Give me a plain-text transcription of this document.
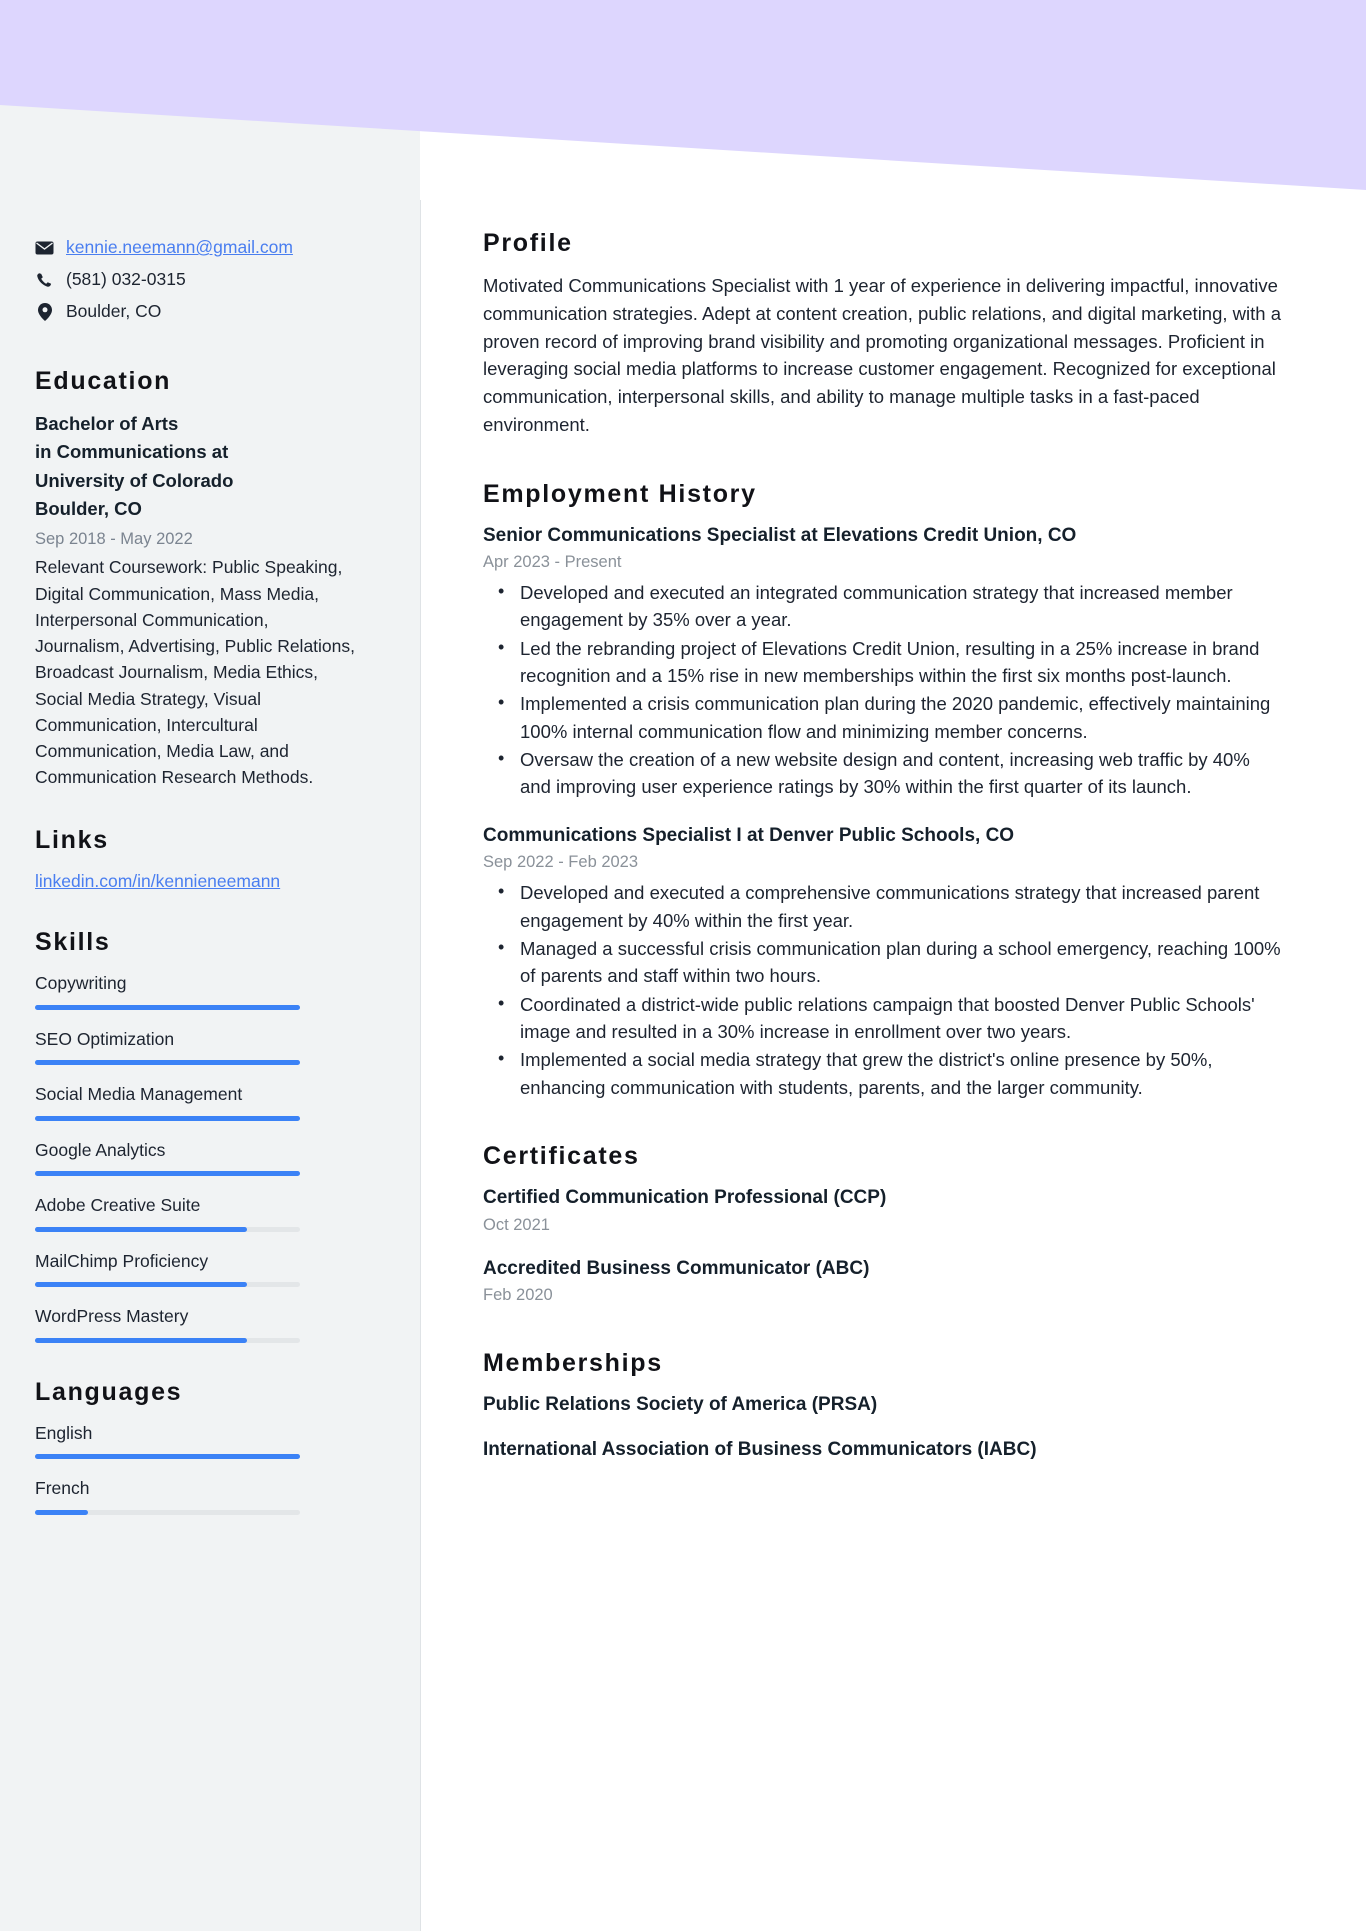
kennie.neemann@gmail.com
(581) 032-0315
Boulder, CO
Education
Bachelor of Arts
in Communications at
University of Colorado
Boulder, CO
Sep 2018 - May 2022
Relevant Coursework: Public Speaking, Digital Communication, Mass Media, Interpersonal Communication, Journalism, Advertising, Public Relations, Broadcast Journalism, Media Ethics, Social Media Strategy, Visual Communication, Intercultural Communication, Media Law, and Communication Research Methods.
Links
linkedin.com/in/kennieneemann
Skills
Copywriting
SEO Optimization
Social Media Management
Google Analytics
Adobe Creative Suite
MailChimp Proficiency
WordPress Mastery
Languages
English
French
Profile

Motivated Communications Specialist with 1 year of experience in delivering impactful, innovative communication strategies. Adept at content creation, public relations, and digital marketing, with a proven record of improving brand visibility and promoting organizational messages. Proficient in leveraging social media platforms to increase customer engagement. Recognized for exceptional communication, interpersonal skills, and ability to manage multiple tasks in a fast-paced environment.

Employment History
Senior Communications Specialist at Elevations Credit Union, CO
Apr 2023 - Present
• Developed and executed an integrated communication strategy that increased member engagement by 35% over a year.
• Led the rebranding project of Elevations Credit Union, resulting in a 25% increase in brand recognition and a 15% rise in new memberships within the first six months post-launch.
• Implemented a crisis communication plan during the 2020 pandemic, effectively maintaining 100% internal communication flow and minimizing member concerns.
• Oversaw the creation of a new website design and content, increasing web traffic by 40% and improving user experience ratings by 30% within the first quarter of its launch.
Communications Specialist I at Denver Public Schools, CO
Sep 2022 - Feb 2023
• Developed and executed a comprehensive communications strategy that increased parent engagement by 40% within the first year.
• Managed a successful crisis communication plan during a school emergency, reaching 100% of parents and staff within two hours.
• Coordinated a district-wide public relations campaign that boosted Denver Public Schools' image and resulted in a 30% increase in enrollment over two years.
• Implemented a social media strategy that grew the district's online presence by 50%, enhancing communication with students, parents, and the larger community.
Certificates
Certified Communication Professional (CCP)
Oct 2021
Accredited Business Communicator (ABC)
Feb 2020
Memberships
Public Relations Society of America (PRSA)
International Association of Business Communicators (IABC)
